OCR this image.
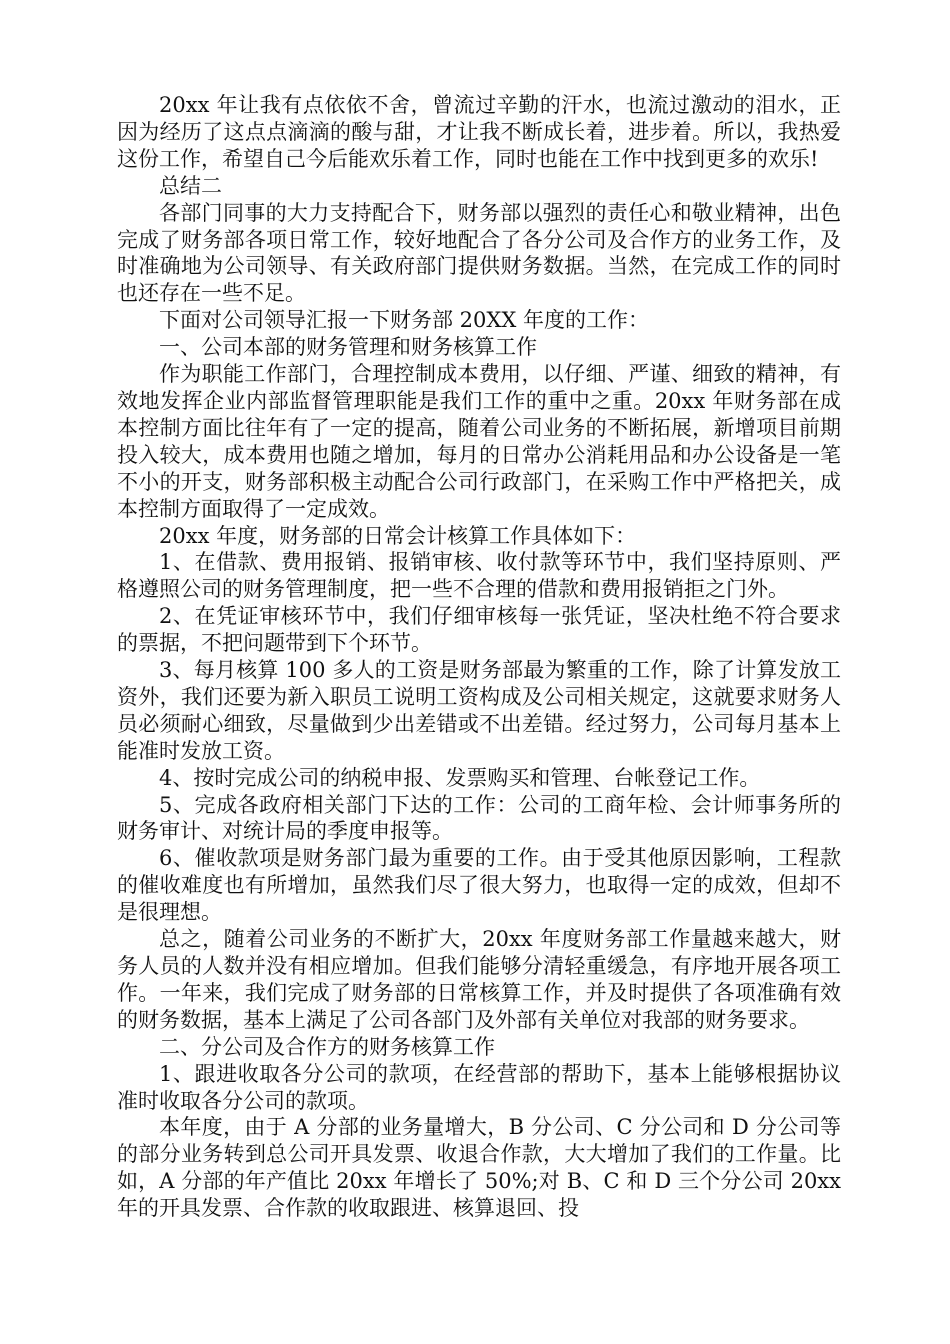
20xx 年让我有点依依不舍，曾流过辛勤的汗水，也流过激动的泪水，正因为经历了这点点滴滴的酸与甜，才让我不断成长着，进步着。所以，我热爱这份工作，希望自己今后能欢乐着工作，同时也能在工作中找到更多的欢乐!

总结二

各部门同事的大力支持配合下，财务部以强烈的责任心和敬业精神，出色完成了财务部各项日常工作，较好地配合了各分公司及合作方的业务工作，及时准确地为公司领导、有关政府部门提供财务数据。当然，在完成工作的同时也还存在一些不足。

下面对公司领导汇报一下财务部 20XX 年度的工作：

一、公司本部的财务管理和财务核算工作

作为职能工作部门，合理控制成本费用，以仔细、严谨、细致的精神，有效地发挥企业内部监督管理职能是我们工作的重中之重。20xx 年财务部在成本控制方面比往年有了一定的提高，随着公司业务的不断拓展，新增项目前期投入较大，成本费用也随之增加，每月的日常办公消耗用品和办公设备是一笔不小的开支，财务部积极主动配合公司行政部门，在采购工作中严格把关，成本控制方面取得了一定成效。

20xx 年度，财务部的日常会计核算工作具体如下：

1、在借款、费用报销、报销审核、收付款等环节中，我们坚持原则、严格遵照公司的财务管理制度，把一些不合理的借款和费用报销拒之门外。

2、在凭证审核环节中，我们仔细审核每一张凭证，坚决杜绝不符合要求的票据，不把问题带到下个环节。

3、每月核算 100 多人的工资是财务部最为繁重的工作，除了计算发放工资外，我们还要为新入职员工说明工资构成及公司相关规定，这就要求财务人员必须耐心细致，尽量做到少出差错或不出差错。经过努力，公司每月基本上能准时发放工资。

4、按时完成公司的纳税申报、发票购买和管理、台帐登记工作。

5、完成各政府相关部门下达的工作：公司的工商年检、会计师事务所的财务审计、对统计局的季度申报等。

6、催收款项是财务部门最为重要的工作。由于受其他原因影响，工程款的催收难度也有所增加，虽然我们尽了很大努力，也取得一定的成效，但却不是很理想。

总之，随着公司业务的不断扩大，20xx 年度财务部工作量越来越大，财务人员的人数并没有相应增加。但我们能够分清轻重缓急，有序地开展各项工作。一年来，我们完成了财务部的日常核算工作，并及时提供了各项准确有效的财务数据，基本上满足了公司各部门及外部有关单位对我部的财务要求。

二、分公司及合作方的财务核算工作

1、跟进收取各分公司的款项，在经营部的帮助下，基本上能够根据协议准时收取各分公司的款项。

本年度，由于 A 分部的业务量增大，B 分公司、C 分公司和 D 分公司等的部分业务转到总公司开具发票、收退合作款，大大增加了我们的工作量。比如，A 分部的年产值比 20xx 年增长了 50%;对 B、C 和 D 三个分公司 20xx 年的开具发票、合作款的收取跟进、核算退回、投
